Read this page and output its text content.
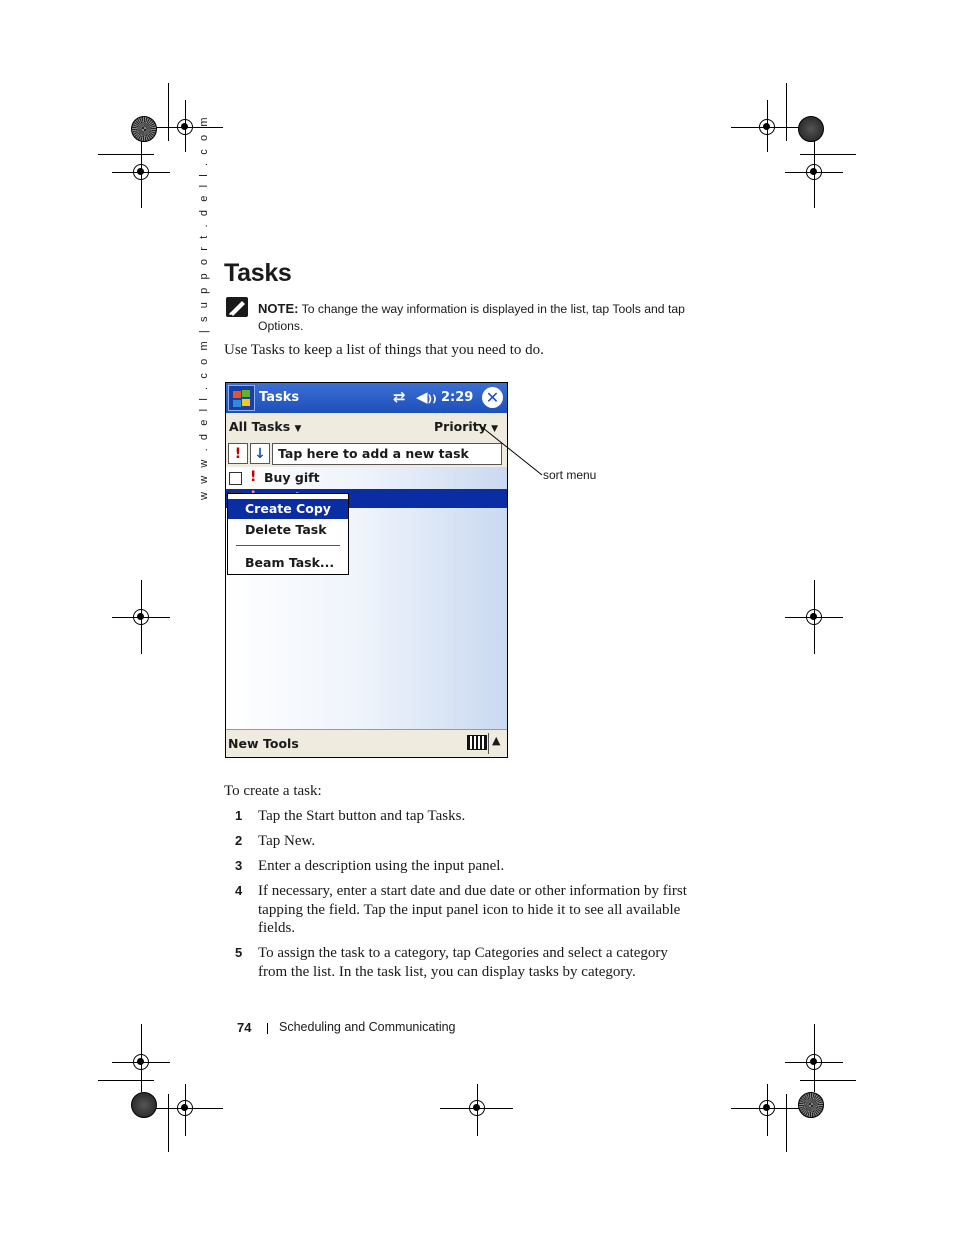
w w w . d e l l . c o m | s u p p o r t . d e l l . c o m Tasks
NOTE: To change the way information is displayed in the list, tap Tools and tap Options.
Use Tasks to keep a list of things that you need to do.
Tasks	⇄ ◀)) 2:29 ✕
All Tasks ▼	Priority ▼
! ↓ Tap here to add a new task
! Buy gift
Create Copy
Delete Task
Beam Task...
New Tools	▲
sort menu
To create a task:
1 Tap the Start button and tap Tasks.
2 Tap New.
3 Enter a description using the input panel.
4 If necessary, enter a start date and due date or other information by first tapping the field. Tap the input panel icon to hide it to see all available fields.
5 To assign the task to a category, tap Categories and select a category from the list. In the task list, you can display tasks by category.
74 Scheduling and Communicating
